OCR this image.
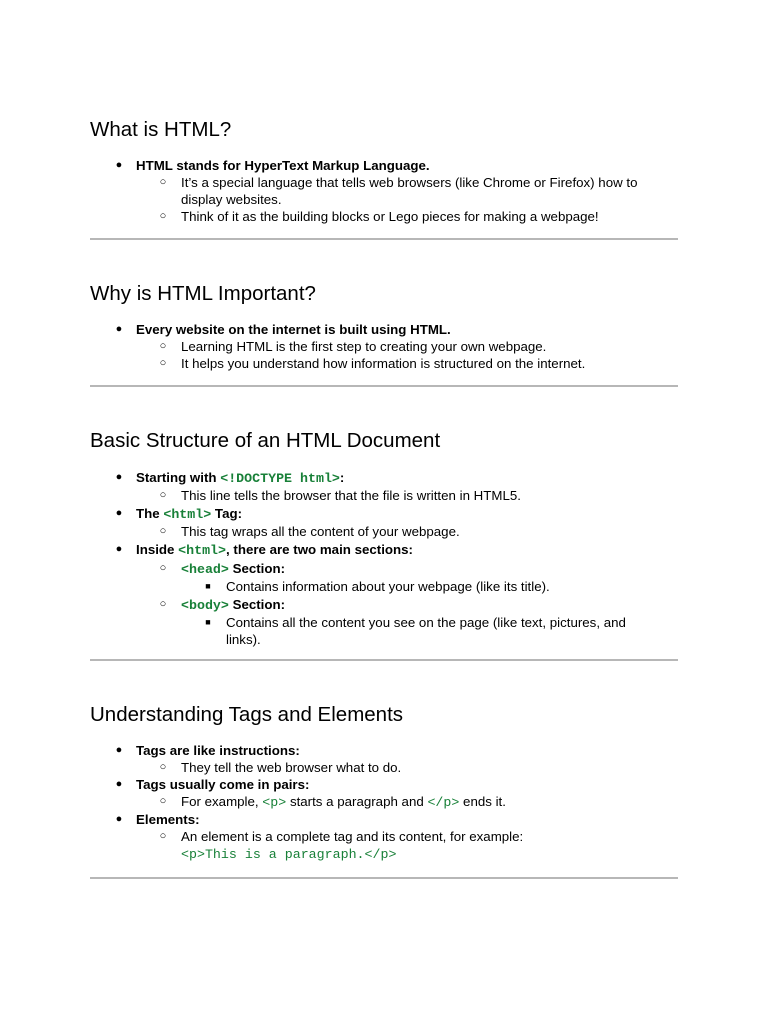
What is HTML?
● HTML stands for HyperText Markup Language.
○ It’s a special language that tells web browsers (like Chrome or Firefox) how to
display websites.
○ Think of it as the building blocks or Lego pieces for making a webpage!
Why is HTML Important?
● Every website on the internet is built using HTML.
○ Learning HTML is the first step to creating your own webpage.
○ It helps you understand how information is structured on the internet.
Basic Structure of an HTML Document
● Starting with <!DOCTYPE html>:
○ This line tells the browser that the file is written in HTML5.
● The <html> Tag:
○ This tag wraps all the content of your webpage.
● Inside <html>, there are two main sections:
○ <head> Section:
■	Contains information about your webpage (like its title).
○ <body> Section:
■	Contains all the content you see on the page (like text, pictures, and
links).
Understanding Tags and Elements
● Tags are like instructions:
○ They tell the web browser what to do.
● Tags usually come in pairs:
○ For example, <p> starts a paragraph and </p> ends it.
● Elements:
○ An element is a complete tag and its content, for example:
<p>This is a paragraph.</p>
